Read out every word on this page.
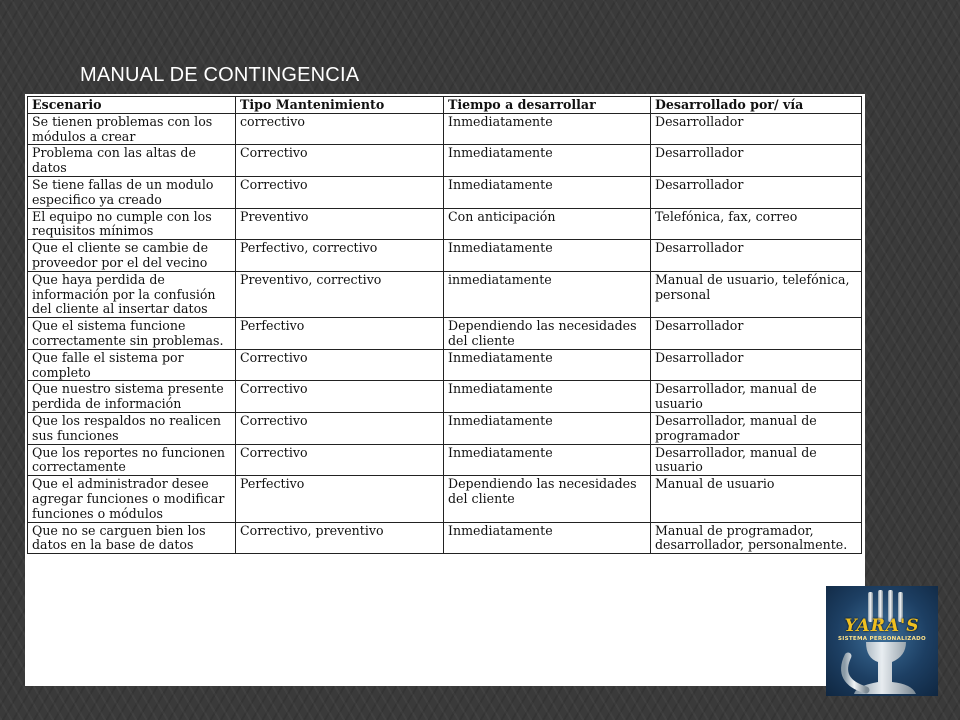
MANUAL DE CONTINGENCIA
Escenario	Tipo Mantenimiento	Tiempo a desarrollar	Desarrollado por/ vía
Se tienen problemas con los módulos a crear	correctivo	Inmediatamente	Desarrollador
Problema con las altas de datos	Correctivo	Inmediatamente	Desarrollador
Se tiene fallas de un modulo especifico ya creado	Correctivo	Inmediatamente	Desarrollador
El equipo no cumple con los requisitos mínimos	Preventivo	Con anticipación	Telefónica, fax, correo
Que el cliente se cambie de proveedor por el del vecino	Perfectivo, correctivo	Inmediatamente	Desarrollador
Que haya perdida de información por la confusión del cliente al insertar datos	Preventivo, correctivo	inmediatamente	Manual de usuario, telefónica, personal
Que el sistema funcione correctamente sin problemas.	Perfectivo	Dependiendo las necesidades del cliente	Desarrollador
Que falle el sistema por completo	Correctivo	Inmediatamente	Desarrollador
Que nuestro sistema presente perdida de información	Correctivo	Inmediatamente	Desarrollador, manual de usuario
Que los respaldos no realicen sus funciones	Correctivo	Inmediatamente	Desarrollador, manual de programador
Que los reportes no funcionen correctamente	Correctivo	Inmediatamente	Desarrollador, manual de usuario
Que el administrador desee agregar funciones o modificar funciones o módulos	Perfectivo	Dependiendo las necesidades del cliente	Manual de usuario
Que no se carguen bien los datos en la base de datos	Correctivo, preventivo	Inmediatamente	Manual de programador, desarrollador, personalmente.
YARA'S
SISTEMA PERSONALIZADO
